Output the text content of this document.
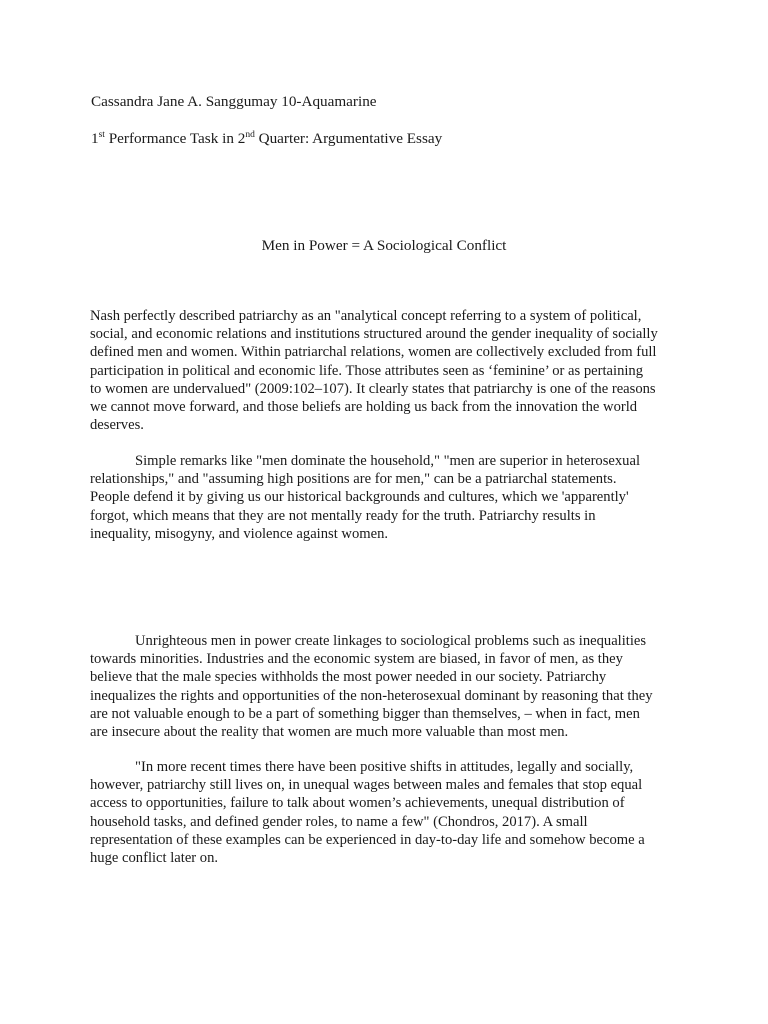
Cassandra Jane A. Sanggumay 10-Aquamarine
1st Performance Task in 2nd Quarter: Argumentative Essay
Men in Power = A Sociological Conflict
Nash perfectly described patriarchy as an "analytical concept referring to a system of political,
social, and economic relations and institutions structured around the gender inequality of socially
defined men and women. Within patriarchal relations, women are collectively excluded from full
participation in political and economic life. Those attributes seen as ‘feminine’ or as pertaining
to women are undervalued" (2009:102–107). It clearly states that patriarchy is one of the reasons
we cannot move forward, and those beliefs are holding us back from the innovation the world
deserves.
Simple remarks like "men dominate the household," "men are superior in heterosexual
relationships," and "assuming high positions are for men," can be a patriarchal statements.
People defend it by giving us our historical backgrounds and cultures, which we 'apparently'
forgot, which means that they are not mentally ready for the truth. Patriarchy results in
inequality, misogyny, and violence against women.
Unrighteous men in power create linkages to sociological problems such as inequalities
towards minorities. Industries and the economic system are biased, in favor of men, as they
believe that the male species withholds the most power needed in our society. Patriarchy
inequalizes the rights and opportunities of the non-heterosexual dominant by reasoning that they
are not valuable enough to be a part of something bigger than themselves, – when in fact, men
are insecure about the reality that women are much more valuable than most men.
"In more recent times there have been positive shifts in attitudes, legally and socially,
however, patriarchy still lives on, in unequal wages between males and females that stop equal
access to opportunities, failure to talk about women’s achievements, unequal distribution of
household tasks, and defined gender roles, to name a few" (Chondros, 2017). A small
representation of these examples can be experienced in day-to-day life and somehow become a
huge conflict later on.
